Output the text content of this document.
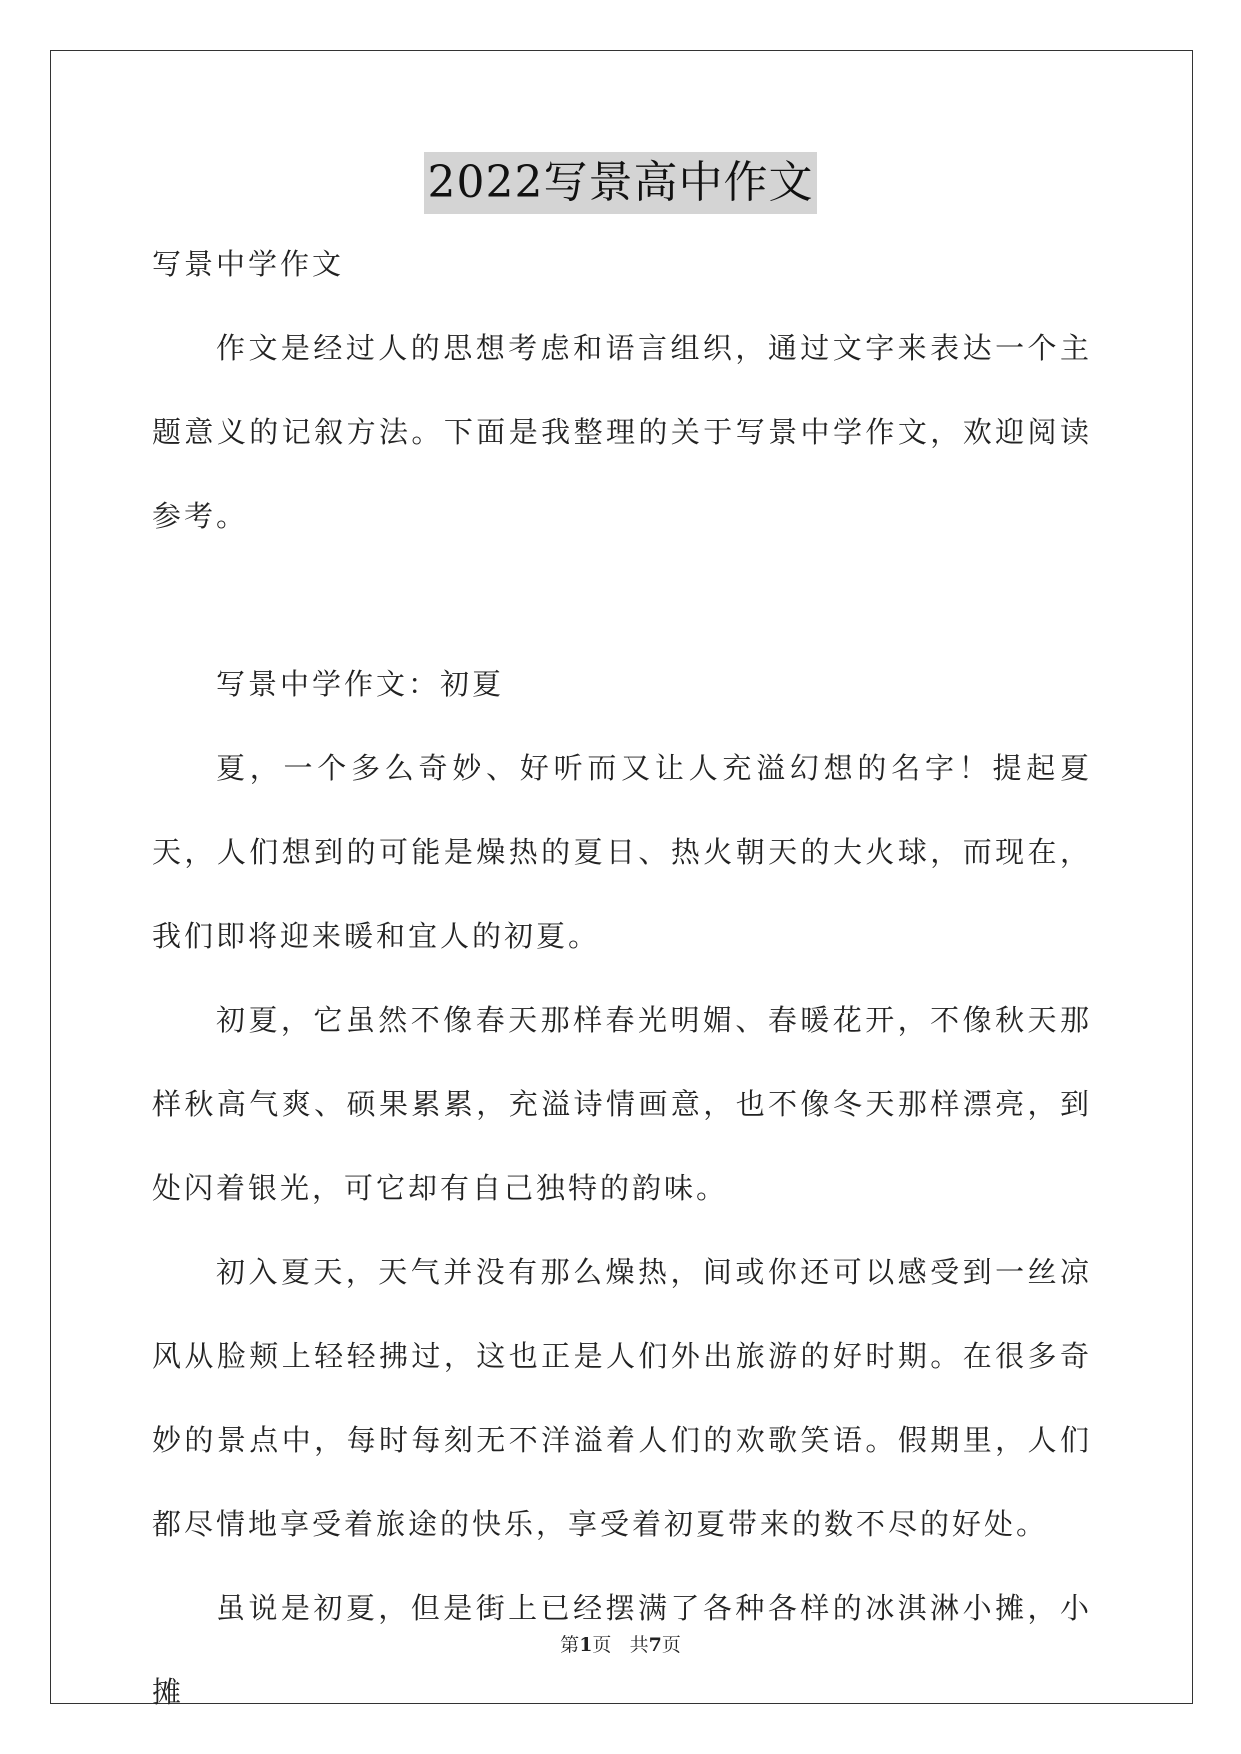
2022写景高中作文

写景中学作文

作文是经过人的思想考虑和语言组织，通过文字来表达一个主题意义的记叙方法。下面是我整理的关于写景中学作文，欢迎阅读参考。

写景中学作文：初夏

夏，一个多么奇妙、好听而又让人充溢幻想的名字！提起夏天，人们想到的可能是燥热的夏日、热火朝天的大火球，而现在，我们即将迎来暖和宜人的初夏。

初夏，它虽然不像春天那样春光明媚、春暖花开，不像秋天那样秋高气爽、硕果累累，充溢诗情画意，也不像冬天那样漂亮，到处闪着银光，可它却有自己独特的韵味。

初入夏天，天气并没有那么燥热，间或你还可以感受到一丝凉风从脸颊上轻轻拂过，这也正是人们外出旅游的好时期。在很多奇妙的景点中，每时每刻无不洋溢着人们的欢歌笑语。假期里，人们都尽情地享受着旅途的快乐，享受着初夏带来的数不尽的好处。

虽说是初夏，但是街上已经摆满了各种各样的冰淇淋小摊，小摊

第1页 共7页
